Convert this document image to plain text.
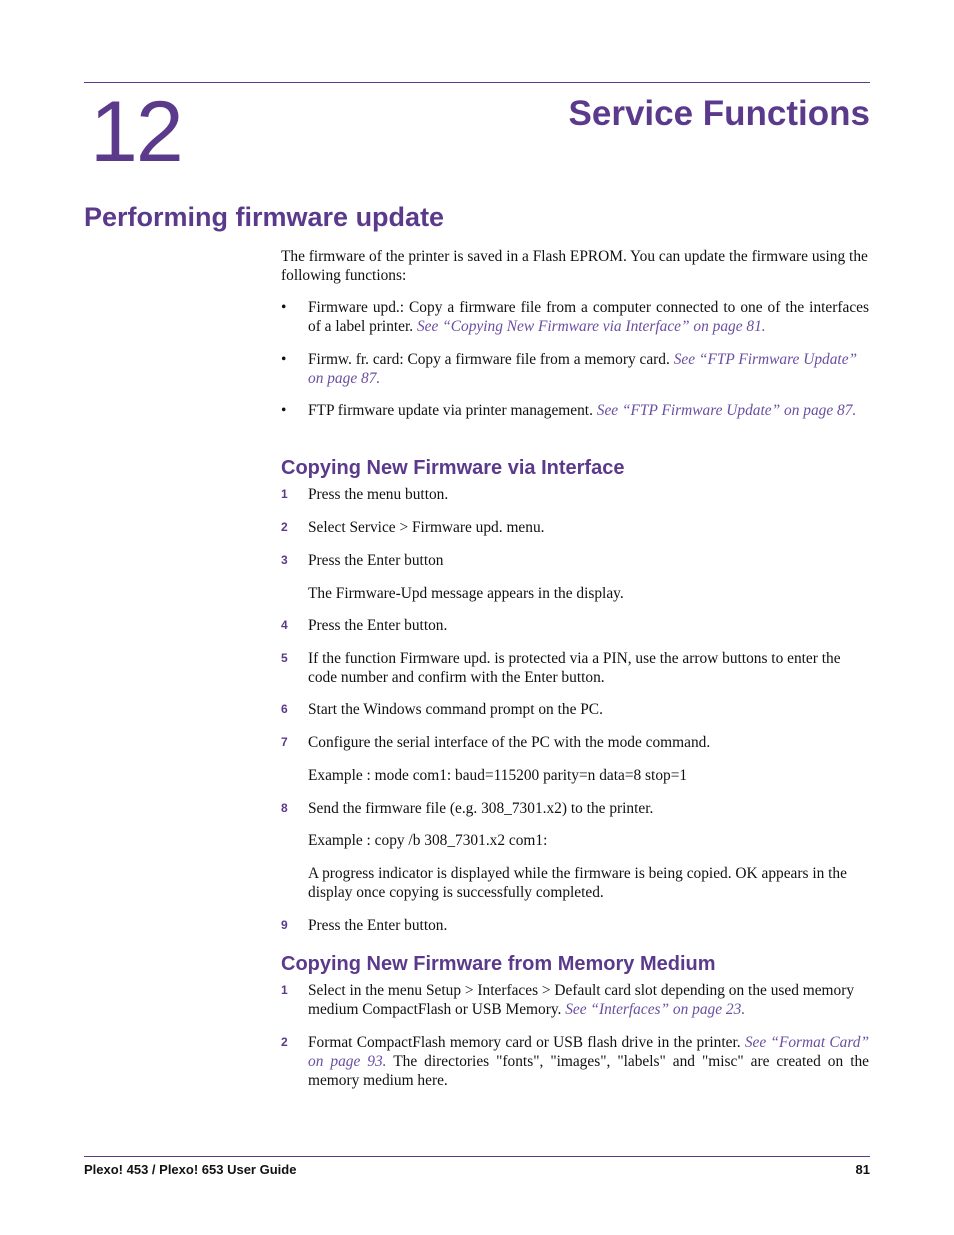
12	Service Functions
Performing firmware update
The firmware of the printer is saved in a Flash EPROM. You can update the firmware using the following functions:
• Firmware upd.: Copy a firmware file from a computer connected to one of the interfaces of a label printer. See “Copying New Firmware via Interface” on page 81.
• Firmw. fr. card: Copy a firmware file from a memory card. See “FTP Firmware Update” on page 87.
• FTP firmware update via printer management. See “FTP Firmware Update” on page 87.
Copying New Firmware via Interface
1 Press the menu button.
2 Select Service > Firmware upd. menu.
3 Press the Enter button
The Firmware-Upd message appears in the display.
4 Press the Enter button.
5 If the function Firmware upd. is protected via a PIN, use the arrow buttons to enter the code number and confirm with the Enter button.
6 Start the Windows command prompt on the PC.
7 Configure the serial interface of the PC with the mode command.
Example : mode com1: baud=115200 parity=n data=8 stop=1
8 Send the firmware file (e.g. 308_7301.x2) to the printer.
Example : copy /b 308_7301.x2 com1:
A progress indicator is displayed while the firmware is being copied. OK appears in the display once copying is successfully completed.
9 Press the Enter button.
Copying New Firmware from Memory Medium
1 Select in the menu Setup > Interfaces > Default card slot depending on the used memory medium CompactFlash or USB Memory. See “Interfaces” on page 23.
2 Format CompactFlash memory card or USB flash drive in the printer. See “Format Card” on page 93. The directories "fonts", "images", "labels" and "misc" are created on the memory medium here.
Plexo! 453 / Plexo! 653 User Guide	81
